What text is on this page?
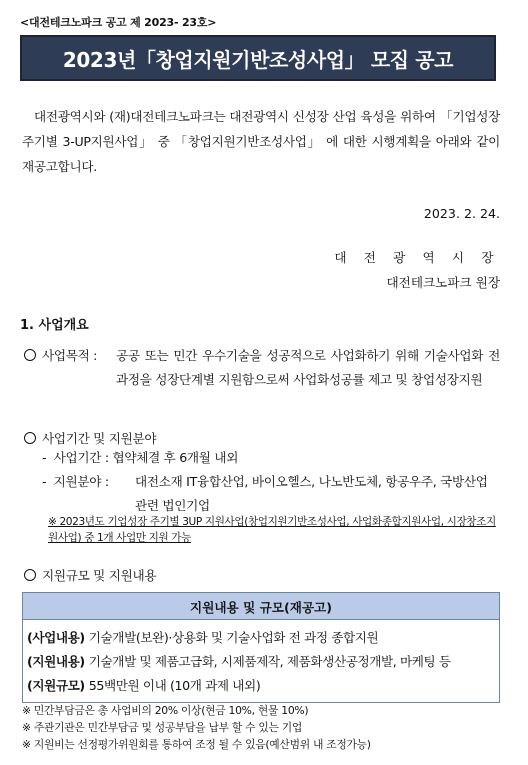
<대전테크노파크 공고 제 2023- 23호>
2023년「창업지원기반조성사업」 모집 공고

대전광역시와 (재)대전테크노파크는 대전광역시 신성장 산업 육성을 위하여 「기업성장주기별 3-UP지원사업」 중 「창업지원기반조성사업」 에 대한 시행계획을 아래와 같이 재공고합니다.

2023. 2. 24.
대 전 광 역 시 장
대전테크노파크 원장
1. 사업개요
사업목적 : 공공 또는 민간 우수기술을 성공적으로 사업화하기 위해 기술사업화 전 과정을 성장단계별 지원함으로써 사업화성공률 제고 및 창업성장지원
사업기간 및 지원분야
-  사업기간 : 협약체결 후 6개월 내외
-  지원분야 : 대전소재 IT융합산업, 바이오헬스, 나노반도체, 항공우주, 국방산업 관련 법인기업
※ 2023년도 기업성장 주기별 3UP 지원사업(창업지원기반조성사업, 사업화종합지원사업, 시장창조지원사업) 중 1개 사업만 지원 가능
지원규모 및 지원내용
지원내용 및 규모(재공고)
(사업내용) 기술개발(보완)·상용화 및 기술사업화 전 과정 종합지원
(지원내용) 기술개발 및 제품고급화, 시제품제작, 제품화생산공정개발, 마케팅 등
(지원규모) 55백만원 이내 (10개 과제 내외)
※ 민간부담금은 총 사업비의 20% 이상(현금 10%, 현물 10%)
※ 주관기관은 민간부담금 및 성공부담을 납부 할 수 있는 기업
※ 지원비는 선정평가위원회를 통하여 조정 될 수 있음(예산범위 내 조정가능)
